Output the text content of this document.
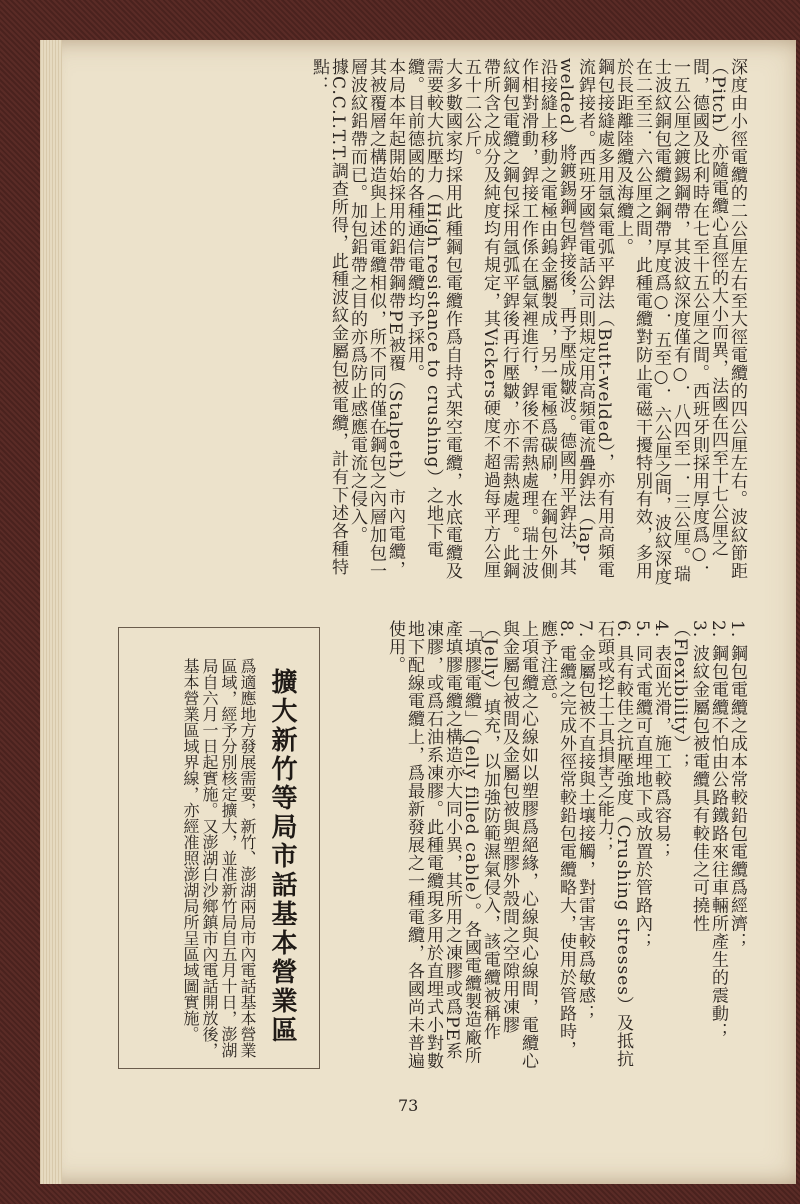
深度由小徑電纜的二公厘左右至大徑電纜的四公厘左右。波紋節距（Pitch）亦隨電纜心直徑的大小而異，法國在四至十七公厘之間，德國及比利時在七至十五公厘之間。西班牙則採用厚度爲○．一五公厘之鍍錫鋼帶，其波紋深度僅有○．八四至一．三公厘。瑞士波紋銅包電纜之鋼帶厚度爲○．五至○．六公厘之間，波紋深度在二至三．六公厘之間，此種電纜對防止電磁干擾特別有效，多用於長距離陸纜及海纜上。

鋼包接縫處多用氬氣電弧平銲法（Butt-welded），亦有用高頻電流銲接者。西班牙國營電話公司則規定用高頻電流疊銲法（lap-welded）將鍍錫鋼包銲接後，再予壓成皺波。德國用平銲法，其沿接縫上移動之電極由鎢金屬製成，另一電極爲碳刷，在鋼包外側作相對滑動，銲接工作係在氬氣裡進行，銲後不需熱處理。瑞士波紋鋼包電纜之鋼包採用氬弧平銲後再行壓皺，亦不需熱處理。此鋼帶所含之成分及純度均有規定，其Vickers硬度不超過每平方公厘五十二公斤。

大多數國家均採用此種鋼包電纜作爲自持式架空電纜，水底電纜及需要較大抗壓力（High resistance to crushing）之地下電纜。目前德國的各種通信電纜均予採用。

本局本年起開始採用的鋁帶鋼帶PE被覆（Stalpeth）市內電纜，其被覆層之構造與上述電纜相似，所不同的僅在鋼包之內層加包一層波紋鋁帶而已。加包鋁帶之目的亦爲防止感應電流之侵入。

據C.C.I.T.T.調查所得，此種波紋金屬包被電纜，計有下述各種特點：

1. 鋼包電纜之成本常較鉛包電纜爲經濟；

2. 鋼包電纜不怕由公路鐵路來往車輛所產生的震動；

3. 波紋金屬包被電纜具有較佳之可撓性（Flexibility）；

4. 表面光滑，施工較爲容易；

5. 同式電纜可直埋地下或放置於管路內；

6. 具有較佳之抗壓強度（Crushing stresses）及抵抗石頭或挖土工具損害之能力；

7. 金屬包被不直接與土壤接觸，對雷害較爲敏感；

8. 電纜之完成外徑常較鉛包電纜略大，使用於管路時，應予注意。

上項電纜之心線如以塑膠爲絕緣，心線與心線間，電纜心與金屬包被間及金屬包被與塑膠外殼間之空隙用凍膠（Jelly）填充，以加強防範濕氣侵入，該電纜被稱作「填膠電纜」（Jelly filled cable）。各國電纜製造廠所產填膠電纜之構造亦大同小異，其所用之凍膠或爲PE系凍膠，或爲石油系凍膠。此種電纜現多用於直埋式小對數地下配線電纜上，爲最新發展之一種電纜，各國尚未普遍使用。

擴大新竹等局市話基本營業區

爲適應地方發展需要，新竹、澎湖兩局市內電話基本營業區域，經予分別核定擴大，並准新竹局自五月十日，澎湖局自六月一日起實施。又澎湖白沙鄉鎮市內電話開放後，基本營業區域界線，亦經准照澎湖局所呈區域圖實施。

73
